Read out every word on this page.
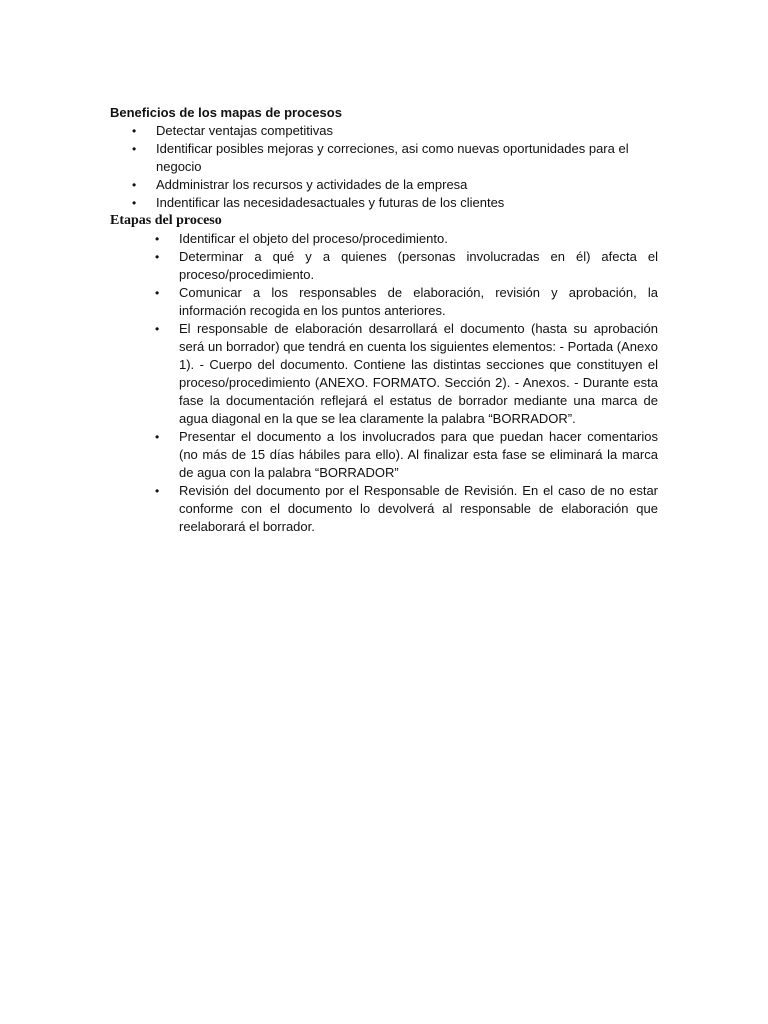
Beneficios de los mapas de procesos

• Detectar ventajas competitivas
• Identificar posibles mejoras y correciones, asi como nuevas oportunidades para el negocio
• Addministrar los recursos y actividades de la empresa
• Indentificar las necesidadesactuales y futuras de los clientes

Etapas del proceso

• Identificar el objeto del proceso/procedimiento.
• Determinar a qué y a quienes (personas involucradas en él) afecta el proceso/procedimiento.
• Comunicar a los responsables de elaboración, revisión y aprobación, la información recogida en los puntos anteriores.
• El responsable de elaboración desarrollará el documento (hasta su aprobación será un borrador) que tendrá en cuenta los siguientes elementos: - Portada (Anexo 1). - Cuerpo del documento. Contiene las distintas secciones que constituyen el proceso/procedimiento (ANEXO. FORMATO. Sección 2). - Anexos. - Durante esta fase la documentación reflejará el estatus de borrador mediante una marca de agua diagonal en la que se lea claramente la palabra “BORRADOR”.
• Presentar el documento a los involucrados para que puedan hacer comentarios (no más de 15 días hábiles para ello). Al finalizar esta fase se eliminará la marca de agua con la palabra “BORRADOR”
• Revisión del documento por el Responsable de Revisión. En el caso de no estar conforme con el documento lo devolverá al responsable de elaboración que reelaborará el borrador.
